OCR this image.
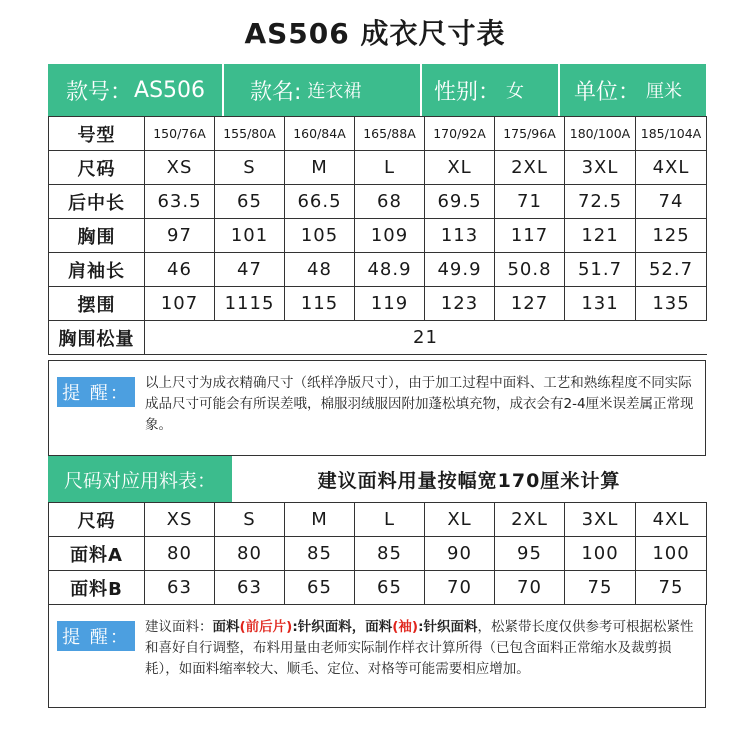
AS506 成衣尺寸表
款号： AS506 款名: 连衣裙	性别： 女 单位： 厘米
号型	150/76A	155/80A	160/84A	165/88A	170/92A	175/96A	180/100A	185/104A
尺码	XS	S	M	L	XL	2XL	3XL	4XL
后中长	63.5	65	66.5	68	69.5	71	72.5	74
胸围	97	101	105	109	113	117	121	125
肩袖长	46	47	48	48.9	49.9	50.8	51.7	52.7
摆围	107	1115	115	119	123	127	131	135
胸围松量	21							
提 醒：	以上尺寸为成衣精确尺寸（纸样净版尺寸），由于加工过程中面料、工艺和熟练程度不同实际成品尺寸可能会有所误差哦，棉服羽绒服因附加蓬松填充物，成衣会有2-4厘米误差属正常现象。
尺码对应用料表：	建议面料用量按幅宽170厘米计算
尺码	XS	S	M	L	XL	2XL	3XL	4XL
面料A	80	80	85	85	90	95	100	100
面料B	63	63	65	65	70	70	75	75
提 醒：	建议面料：面料(前后片):针织面料，面料(袖):针织面料，松紧带长度仅供参考可根据松紧性和喜好自行调整，布料用量由老师实际制作样衣计算所得（已包含面料正常缩水及裁剪损耗），如面料缩率较大、顺毛、定位、对格等可能需要相应增加。
